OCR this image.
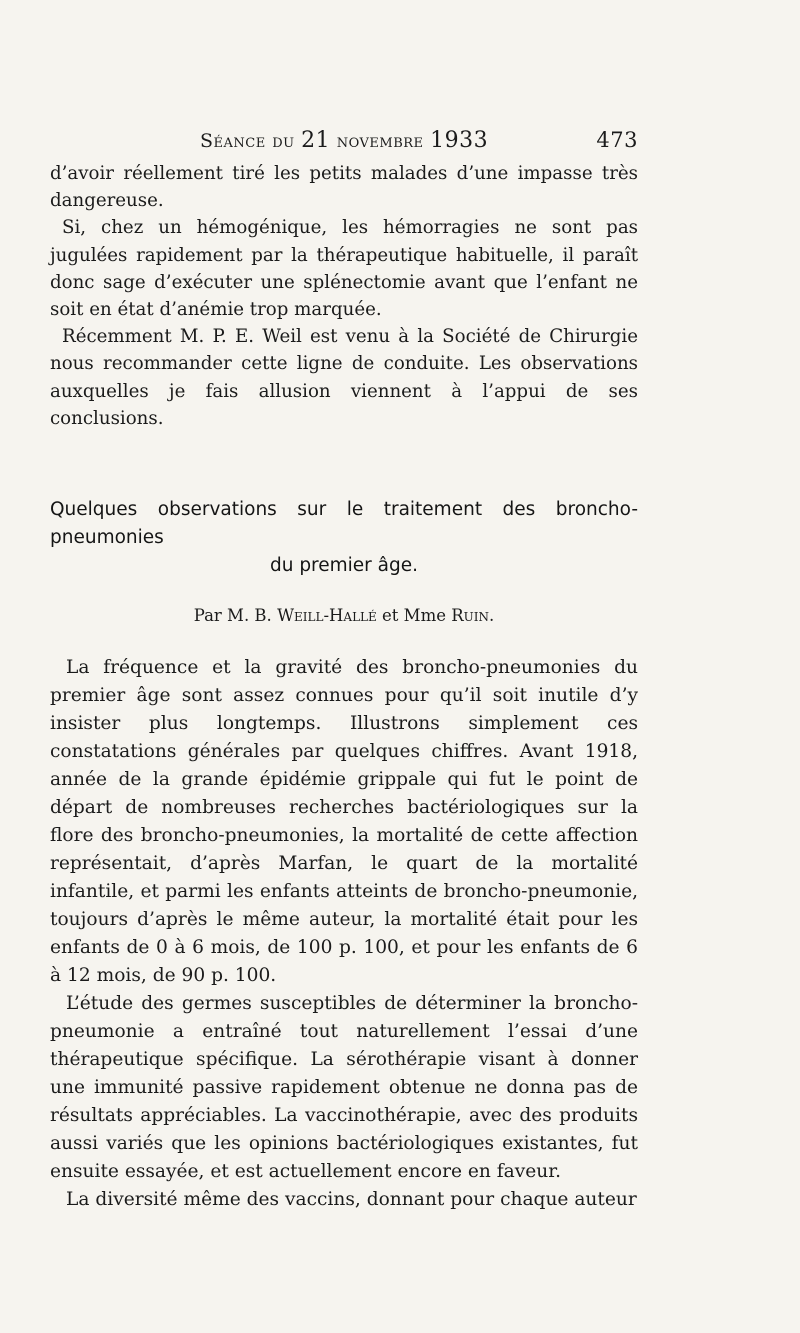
Séance du 21 novembre 1933	473

d’avoir réellement tiré les petits malades d’une impasse très dangereuse.

Si, chez un hémogénique, les hémorragies ne sont pas jugulées rapidement par la thérapeutique habituelle, il paraît donc sage d’exécuter une splénectomie avant que l’enfant ne soit en état d’anémie trop marquée.

Récemment M. P. E. Weil est venu à la Société de Chirurgie nous recommander cette ligne de conduite. Les observations auxquelles je fais allusion viennent à l’appui de ses conclusions.

Quelques observations sur le traitement des broncho-pneumonies
du premier âge.
Par M. B. Weill-Hallé et Mme Ruin.

La fréquence et la gravité des broncho-pneumonies du premier âge sont assez connues pour qu’il soit inutile d’y insister plus longtemps. Illustrons simplement ces constatations générales par quelques chiffres. Avant 1918, année de la grande épidémie grippale qui fut le point de départ de nombreuses recherches bactériologiques sur la flore des broncho-pneumonies, la mortalité de cette affection représentait, d’après Marfan, le quart de la mortalité infantile, et parmi les enfants atteints de broncho-pneumonie, toujours d’après le même auteur, la mortalité était pour les enfants de 0 à 6 mois, de 100 p. 100, et pour les enfants de 6 à 12 mois, de 90 p. 100.

L’étude des germes susceptibles de déterminer la broncho-pneumonie a entraîné tout naturellement l’essai d’une thérapeutique spécifique. La sérothérapie visant à donner une immunité passive rapidement obtenue ne donna pas de résultats appréciables. La vaccinothérapie, avec des produits aussi variés que les opinions bactériologiques existantes, fut ensuite essayée, et est actuellement encore en faveur.

La diversité même des vaccins, donnant pour chaque auteur
